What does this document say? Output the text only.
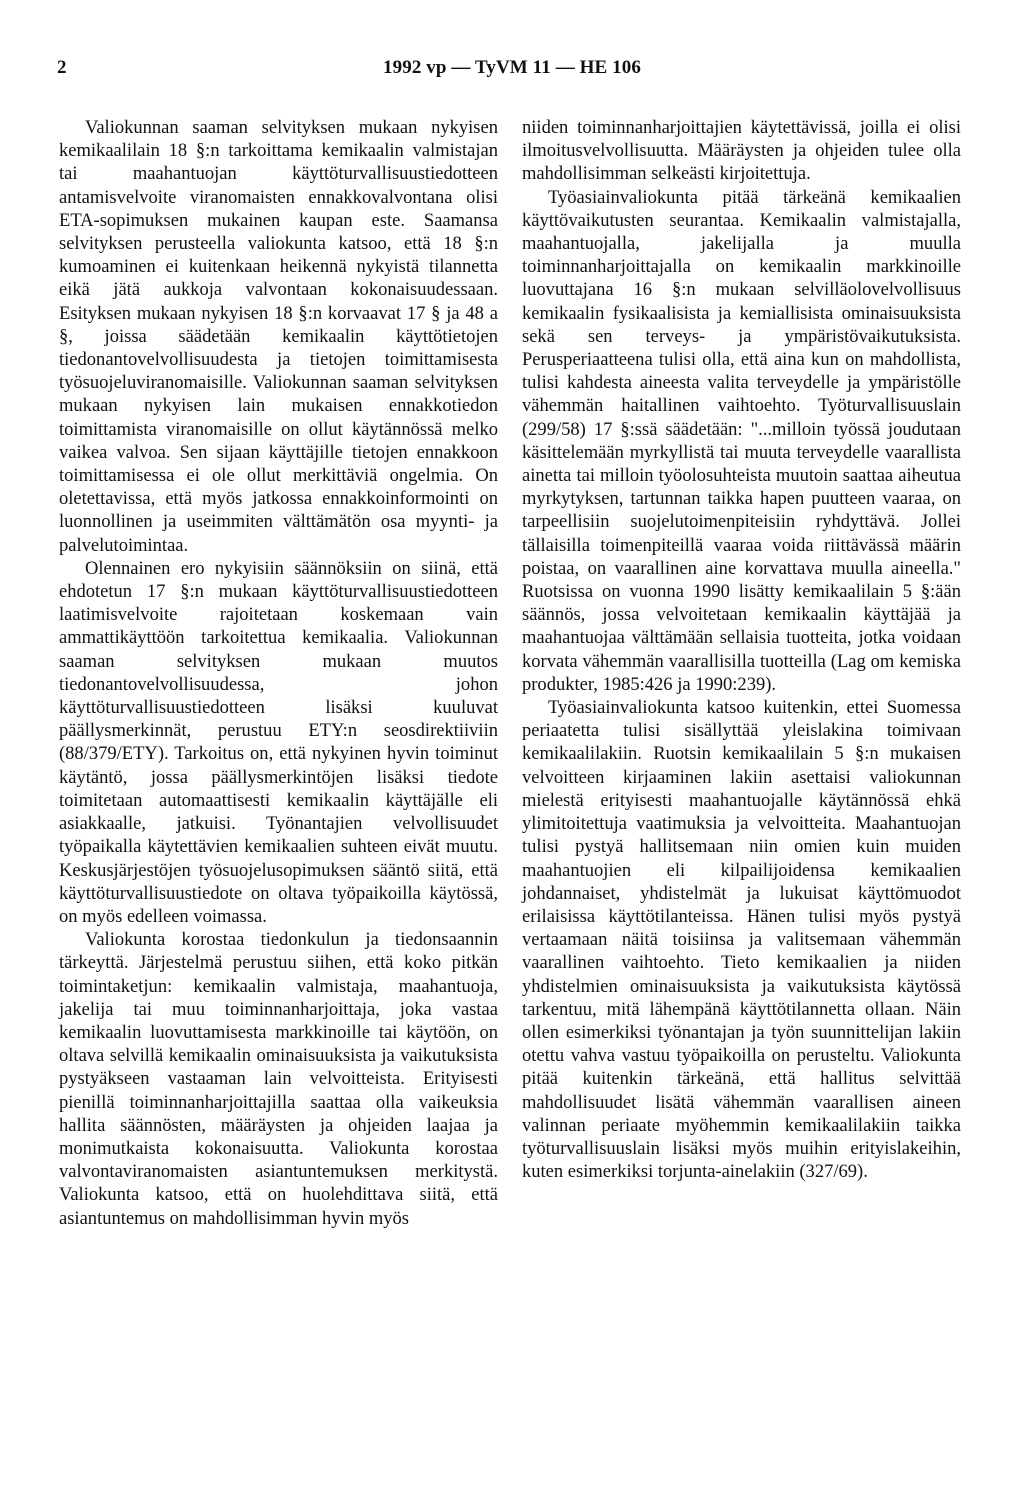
2	1992 vp — TyVM 11 — HE 106

Valiokunnan saaman selvityksen mukaan nykyisen kemikaalilain 18 §:n tarkoittama kemikaalin valmistajan tai maahantuojan käyttöturvallisuustiedotteen antamisvelvoite viranomaisten ennakkovalvontana olisi ETA-sopimuksen mukainen kaupan este. Saamansa selvityksen perusteella valiokunta katsoo, että 18 §:n kumoaminen ei kuitenkaan heikennä nykyistä tilannetta eikä jätä aukkoja valvontaan kokonaisuudessaan. Esityksen mukaan nykyisen 18 §:n korvaavat 17 § ja 48 a §, joissa säädetään kemikaalin käyttötietojen tiedonantovelvollisuudesta ja tietojen toimittamisesta työsuojeluviranomaisille. Valiokunnan saaman selvityksen mukaan nykyisen lain mukaisen ennakkotiedon toimittamista viranomaisille on ollut käytännössä melko vaikea valvoa. Sen sijaan käyttäjille tietojen ennakkoon toimittamisessa ei ole ollut merkittäviä ongelmia. On oletettavissa, että myös jatkossa ennakkoinformointi on luonnollinen ja useimmiten välttämätön osa myynti- ja palvelutoimintaa.

Olennainen ero nykyisiin säännöksiin on siinä, että ehdotetun 17 §:n mukaan käyttöturvallisuustiedotteen laatimisvelvoite rajoitetaan koskemaan vain ammattikäyttöön tarkoitettua kemikaalia. Valiokunnan saaman selvityksen mukaan muutos tiedonantovelvollisuudessa, johon käyttöturvallisuustiedotteen lisäksi kuuluvat päällysmerkinnät, perustuu ETY:n seosdirektiiviin (88/379/ETY). Tarkoitus on, että nykyinen hyvin toiminut käytäntö, jossa päällysmerkintöjen lisäksi tiedote toimitetaan automaattisesti kemikaalin käyttäjälle eli asiakkaalle, jatkuisi. Työnantajien velvollisuudet työpaikalla käytettävien kemikaalien suhteen eivät muutu. Keskusjärjestöjen työsuojelusopimuksen sääntö siitä, että käyttöturvallisuustiedote on oltava työpaikoilla käytössä, on myös edelleen voimassa.

Valiokunta korostaa tiedonkulun ja tiedonsaannin tärkeyttä. Järjestelmä perustuu siihen, että koko pitkän toimintaketjun: kemikaalin valmistaja, maahantuoja, jakelija tai muu toiminnanharjoittaja, joka vastaa kemikaalin luovuttamisesta markkinoille tai käytöön, on oltava selvillä kemikaalin ominaisuuksista ja vaikutuksista pystyäkseen vastaaman lain velvoitteista. Erityisesti pienillä toiminnanharjoittajilla saattaa olla vaikeuksia hallita säännösten, määräysten ja ohjeiden laajaa ja monimutkaista kokonaisuutta. Valiokunta korostaa valvontaviranomaisten asiantuntemuksen merkitystä. Valiokunta katsoo, että on huolehdittava siitä, että asiantuntemus on mahdollisimman hyvin myös

niiden toiminnanharjoittajien käytettävissä, joilla ei olisi ilmoitusvelvollisuutta. Määräysten ja ohjeiden tulee olla mahdollisimman selkeästi kirjoitettuja.

Työasiainvaliokunta pitää tärkeänä kemikaalien käyttövaikutusten seurantaa. Kemikaalin valmistajalla, maahantuojalla, jakelijalla ja muulla toiminnanharjoittajalla on kemikaalin markkinoille luovuttajana 16 §:n mukaan selvilläolovelvollisuus kemikaalin fysikaalisista ja kemiallisista ominaisuuksista sekä sen terveys- ja ympäristövaikutuksista. Perusperiaatteena tulisi olla, että aina kun on mahdollista, tulisi kahdesta aineesta valita terveydelle ja ympäristölle vähemmän haitallinen vaihtoehto. Työturvallisuuslain (299/58) 17 §:ssä säädetään: "...milloin työssä joudutaan käsittelemään myrkyllistä tai muuta terveydelle vaarallista ainetta tai milloin työolosuhteista muutoin saattaa aiheutua myrkytyksen, tartunnan taikka hapen puutteen vaaraa, on tarpeellisiin suojelutoimenpiteisiin ryhdyttävä. Jollei tällaisilla toimenpiteillä vaaraa voida riittävässä määrin poistaa, on vaarallinen aine korvattava muulla aineella." Ruotsissa on vuonna 1990 lisätty kemikaalilain 5 §:ään säännös, jossa velvoitetaan kemikaalin käyttäjää ja maahantuojaa välttämään sellaisia tuotteita, jotka voidaan korvata vähemmän vaarallisilla tuotteilla (Lag om kemiska produkter, 1985:426 ja 1990:239).

Työasiainvaliokunta katsoo kuitenkin, ettei Suomessa periaatetta tulisi sisällyttää yleislakina toimivaan kemikaalilakiin. Ruotsin kemikaalilain 5 §:n mukaisen velvoitteen kirjaaminen lakiin asettaisi valiokunnan mielestä erityisesti maahantuojalle käytännössä ehkä ylimitoitettuja vaatimuksia ja velvoitteita. Maahantuojan tulisi pystyä hallitsemaan niin omien kuin muiden maahantuojien eli kilpailijoidensa kemikaalien johdannaiset, yhdistelmät ja lukuisat käyttömuodot erilaisissa käyttötilanteissa. Hänen tulisi myös pystyä vertaamaan näitä toisiinsa ja valitsemaan vähemmän vaarallinen vaihtoehto. Tieto kemikaalien ja niiden yhdistelmien ominaisuuksista ja vaikutuksista käytössä tarkentuu, mitä lähempänä käyttötilannetta ollaan. Näin ollen esimerkiksi työnantajan ja työn suunnittelijan lakiin otettu vahva vastuu työpaikoilla on perusteltu. Valiokunta pitää kuitenkin tärkeänä, että hallitus selvittää mahdollisuudet lisätä vähemmän vaarallisen aineen valinnan periaate myöhemmin kemikaalilakiin taikka työturvallisuuslain lisäksi myös muihin erityislakeihin, kuten esimerkiksi torjunta-ainelakiin (327/69).
